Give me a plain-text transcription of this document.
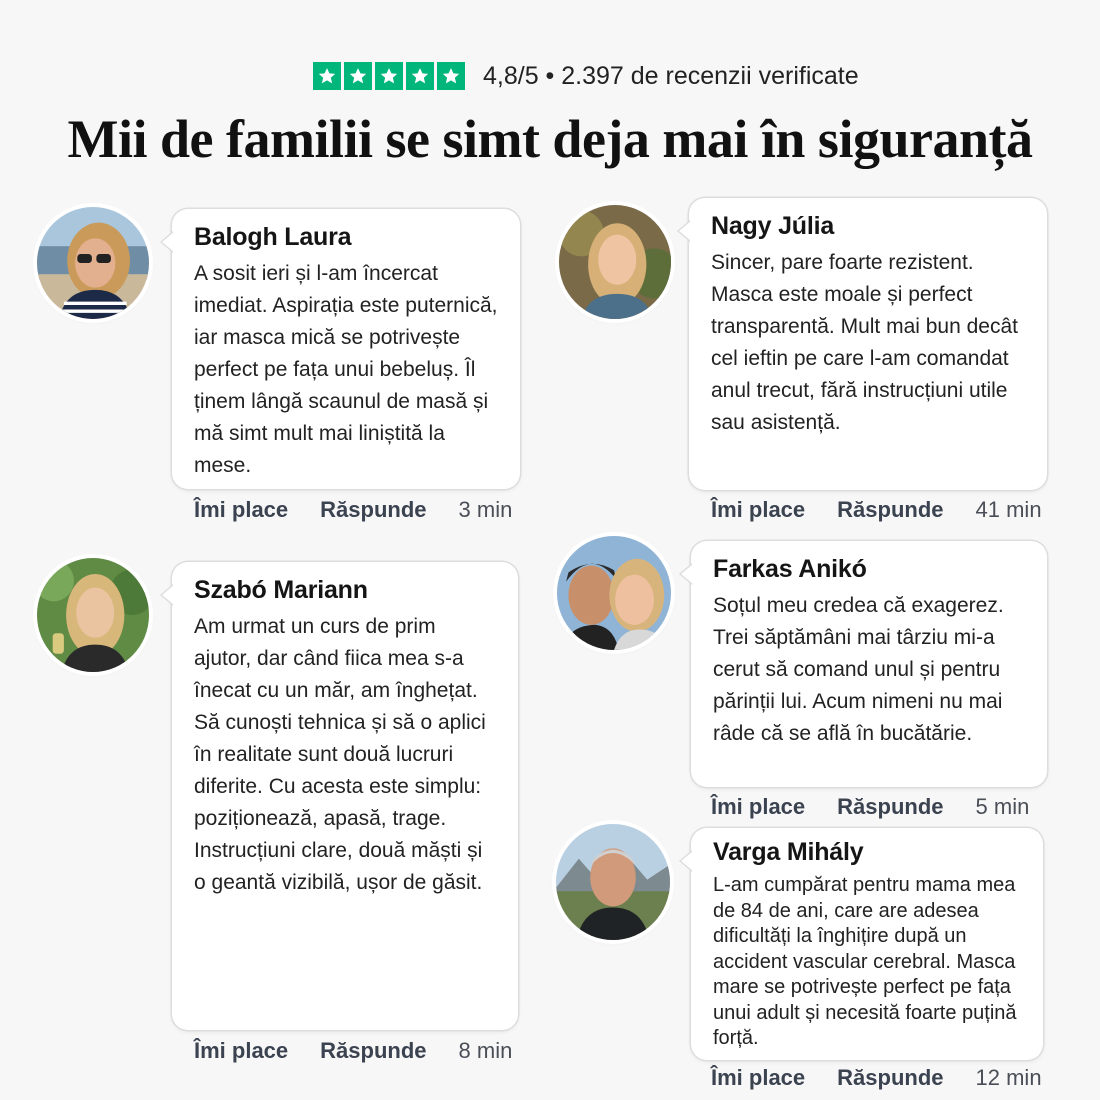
4,8/5 • 2.397 de recenzii verificate
Mii de familii se simt deja mai în siguranță

Balogh Laura

A sosit ieri și l-am încercat imediat. Aspirația este puternică, iar masca mică se potrivește perfect pe fața unui bebeluș. Îl ținem lângă scaunul de masă și mă simt mult mai liniștită la mese.

Îmi place Răspunde 3 min

Szabó Mariann

Am urmat un curs de prim ajutor, dar când fiica mea s-a înecat cu un măr, am înghețat. Să cunoști tehnica și să o aplici în realitate sunt două lucruri diferite. Cu acesta este simplu: poziționează, apasă, trage. Instrucțiuni clare, două măști și o geantă vizibilă, ușor de găsit.

Îmi place Răspunde 8 min

Nagy Júlia

Sincer, pare foarte rezistent. Masca este moale și perfect transparentă. Mult mai bun decât cel ieftin pe care l-am comandat anul trecut, fără instrucțiuni utile sau asistență.

Îmi place Răspunde 41 min

Farkas Anikó

Soțul meu credea că exagerez. Trei săptămâni mai târziu mi-a cerut să comand unul și pentru părinții lui. Acum nimeni nu mai râde că se află în bucătărie.

Îmi place Răspunde 5 min

Varga Mihály

L-am cumpărat pentru mama mea de 84 de ani, care are adesea dificultăți la înghițire după un accident vascular cerebral. Masca mare se potrivește perfect pe fața unui adult și necesită foarte puțină forță.

Îmi place Răspunde 12 min
